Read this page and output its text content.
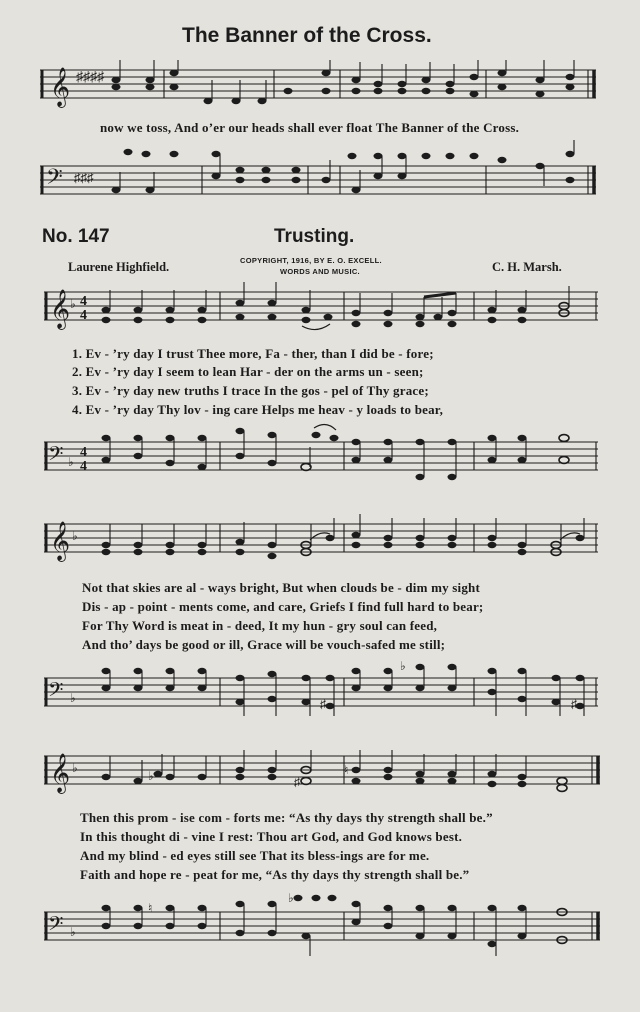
The Banner of the Cross.
𝄞 ♯♯♯♯
now we toss, And o’er our heads shall ever float The Banner of the Cross.
𝄢 ♯♯♯
No. 147	Trusting.
Laurene Highfield.	COPYRIGHT, 1916, BY E. O. EXCELL.
WORDS AND MUSIC.	C. H. Marsh.
𝄞 ♭ 4
4
1. Ev - ’ry day I trust Thee more, Fa - ther, than I did be - fore;
2. Ev - ’ry day I seem to lean Har - der on the arms un - seen;
3. Ev - ’ry day new truths I trace In the gos - pel of Thy grace;
4. Ev - ’ry day Thy lov - ing care Helps me heav - y loads to bear,
𝄢 ♭
4
4
𝄞 ♭
Not that skies are al - ways bright, But when clouds be - dim my sight
Dis - ap - point - ments come, and care, Griefs I find full hard to bear;
For Thy Word is meat in - deed, It my hun - gry soul can feed,
And tho’ days be good or ill, Grace will be vouch-safed me still;
𝄢 ♭	♯	♯
♭
𝄞 ♭
♭	♯
♮
Then this prom - ise com - forts me: “As thy days thy strength shall be.”
In this thought di - vine I rest: Thou art God, and God knows best.
And my blind - ed eyes still see That its bless-ings are for me.
Faith and hope re - peat for me, “As thy days thy strength shall be.”
𝄢 ♭
♭
♮
